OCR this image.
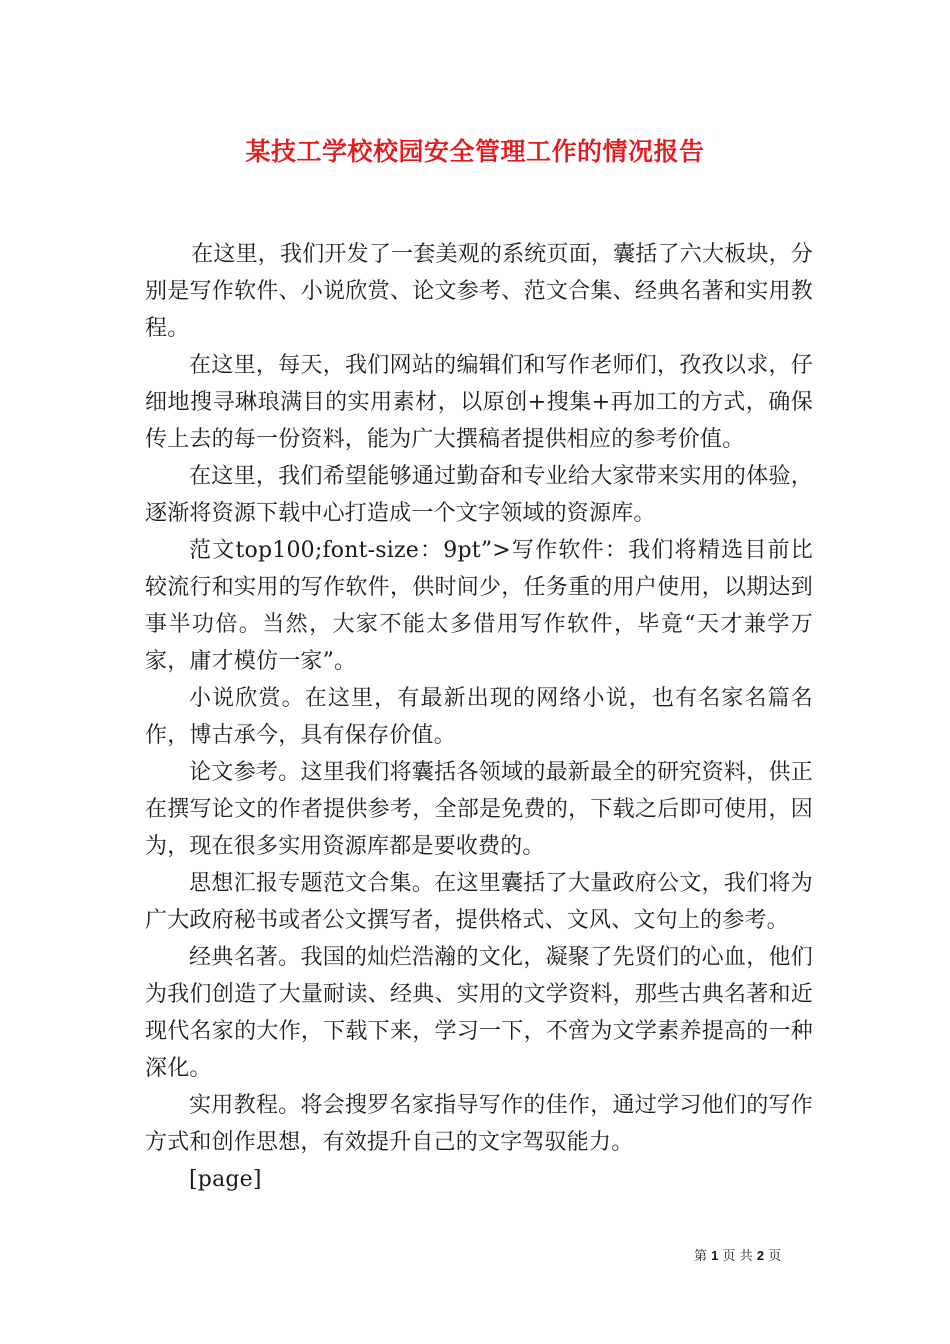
某技工学校校园安全管理工作的情况报告

在这里，我们开发了一套美观的系统页面，囊括了六大板块，分别是写作软件、小说欣赏、论文参考、范文合集、经典名著和实用教程。

在这里，每天，我们网站的编辑们和写作老师们，孜孜以求，仔细地搜寻琳琅满目的实用素材，以原创+搜集+再加工的方式，确保传上去的每一份资料，能为广大撰稿者提供相应的参考价值。

在这里，我们希望能够通过勤奋和专业给大家带来实用的体验，逐渐将资源下载中心打造成一个文字领域的资源库。

范文top100;font-size：9pt”>写作软件：我们将精选目前比较流行和实用的写作软件，供时间少，任务重的用户使用，以期达到事半功倍。当然，大家不能太多借用写作软件，毕竟“天才兼学万家，庸才模仿一家”。

小说欣赏。在这里，有最新出现的网络小说，也有名家名篇名作，博古承今，具有保存价值。

论文参考。这里我们将囊括各领域的最新最全的研究资料，供正在撰写论文的作者提供参考，全部是免费的，下载之后即可使用，因为，现在很多实用资源库都是要收费的。

思想汇报专题范文合集。在这里囊括了大量政府公文，我们将为广大政府秘书或者公文撰写者，提供格式、文风、文句上的参考。

经典名著。我国的灿烂浩瀚的文化，凝聚了先贤们的心血，他们为我们创造了大量耐读、经典、实用的文学资料，那些古典名著和近现代名家的大作，下载下来，学习一下，不啻为文学素养提高的一种深化。

实用教程。将会搜罗名家指导写作的佳作，通过学习他们的写作方式和创作思想，有效提升自己的文字驾驭能力。

[page]

第 1 页 共 2 页
